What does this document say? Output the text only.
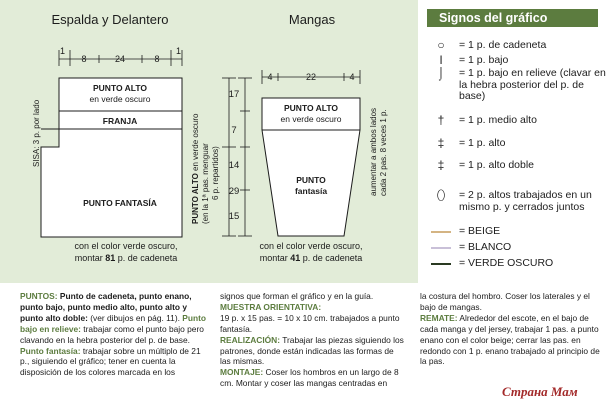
Espalda y Delantero	Mangas
1
8	24	8
1
PUNTO ALTO
en verde oscuro
FRANJA
PUNTO FANTASÍA
SISA: 3 p. por lado
PUNTO ALTO en verde oscuro
(en la 1ª pas. menguar 6 p. repartidos)
17
7
14
29
15
con el color verde oscuro,
montar 81 p. de cadeneta
4	22	4
PUNTO ALTO
en verde oscuro
PUNTO
fantasía	aumentar a ambos lados cada 2 pas. 8 veces 1 p.
con el color verde oscuro,
montar 41 p. de cadeneta
Signos del gráfico
○	= 1 p. de cadeneta
ǀ	= 1 p. bajo
⌡	= 1 p. bajo en relieve (clavar en la hebra posterior del p. de base)
†	= 1 p. medio alto
‡	= 1 p. alto
‡	= 1 p. alto doble
⬯	= 2 p. altos trabajados en un mismo p. y cerrados juntos
= BEIGE
= BLANCO
= VERDE OSCURO

PUNTOS: Punto de cadeneta, punto enano, punto bajo, punto medio alto, punto alto y punto alto doble: (ver dibujos en pág. 11). Punto bajo en relieve: trabajar como el punto bajo pero clavando en la hebra posterior del p. de base. Punto fantasía: trabajar sobre un múltiplo de 21 p., siguiendo el gráfico; tener en cuenta la disposición de los colores marcada en los

signos que forman el gráfico y en la guía.

MUESTRA ORIENTATIVA:

19 p. x 15 pas. = 10 x 10 cm. trabajados a punto fantasía.

REALIZACIÓN: Trabajar las piezas siguiendo los patrones, donde están indicadas las formas de las mismas.

MONTAJE: Coser los hombros en un largo de 8 cm. Montar y coser las mangas centradas en

la costura del hombro. Coser los laterales y el bajo de mangas.

REMATE: Alrededor del escote, en el bajo de cada manga y del jersey, trabajar 1 pas. a punto enano con el color beige; cerrar las pas. en redondo con 1 p. enano trabajado al principio de la pas.

Страна Мам
